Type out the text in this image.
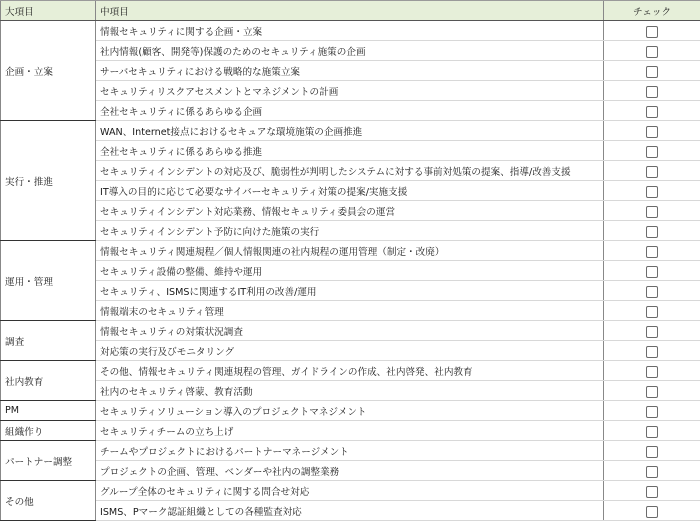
大項目	中項目	チェック
企画・立案	情報セキュリティに関する企画・立案	
	社内情報(顧客、開発等)保護のためのセキュリティ施策の企画	
	サーバセキュリティにおける戦略的な施策立案	
	セキュリティリスクアセスメントとマネジメントの計画	
	全社セキュリティに係るあらゆる企画	
実行・推進	WAN、Internet接点におけるセキュアな環境施策の企画推進	
	全社セキュリティに係るあらゆる推進	
	セキュリティインシデントの対応及び、脆弱性が判明したシステムに対する事前対処策の提案、指導/改善支援	
	IT導入の目的に応じて必要なサイバーセキュリティ対策の提案/実施支援	
	セキュリティインシデント対応業務、情報セキュリティ委員会の運営	
	セキュリティインシデント予防に向けた施策の実行	
運用・管理	情報セキュリティ関連規程／個人情報関連の社内規程の運用管理（制定・改廃）	
	セキュリティ設備の整備、維持や運用	
	セキュリティ、ISMSに関連するIT利用の改善/運用	
	情報端末のセキュリティ管理	
調査	情報セキュリティの対策状況調査	
	対応策の実行及びモニタリング	
社内教育	その他、情報セキュリティ関連規程の管理、ガイドラインの作成、社内啓発、社内教育	
	社内のセキュリティ啓蒙、教育活動	
PM	セキュリティソリューション導入のプロジェクトマネジメント	
組織作り	セキュリティチームの立ち上げ	
パートナー調整	チームやプロジェクトにおけるパートナーマネージメント	
	プロジェクトの企画、管理、ベンダーや社内の調整業務	
その他	グループ全体のセキュリティに関する問合せ対応	
	ISMS、Pマーク認証組織としての各種監査対応	
